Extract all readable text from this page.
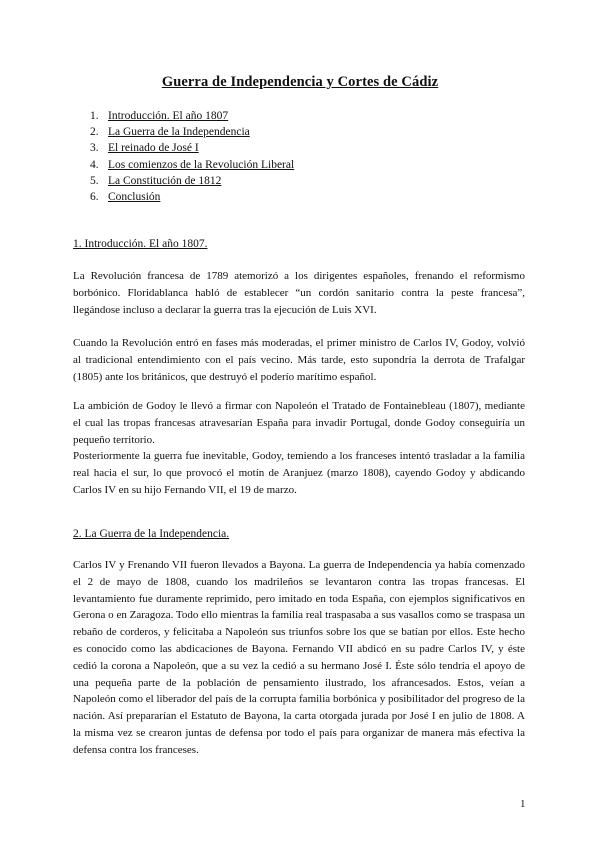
Guerra de Independencia y Cortes de Cádiz
1. Introducción. El año 1807
2. La Guerra de la Independencia
3. El reinado de José I
4. Los comienzos de la Revolución Liberal
5. La Constitución de 1812
6. Conclusión
1. Introducción. El año 1807.

La Revolución francesa de 1789 atemorizó a los dirigentes españoles, frenando el reformismo borbónico. Floridablanca habló de establecer “un cordón sanitario contra la peste francesa”, llegándose incluso a declarar la guerra tras la ejecución de Luis XVI.

Cuando la Revolución entró en fases más moderadas, el primer ministro de Carlos IV, Godoy, volvió al tradicional entendimiento con el país vecino. Más tarde, esto supondría la derrota de Trafalgar (1805) ante los británicos, que destruyó el poderío marítimo español.

La ambición de Godoy le llevó a firmar con Napoleón el Tratado de Fontainebleau (1807), mediante el cual las tropas francesas atravesarían España para invadir Portugal, donde Godoy conseguiría un pequeño territorio.

Posteriormente la guerra fue inevitable, Godoy, temiendo a los franceses intentó trasladar a la familia real hacia el sur, lo que provocó el motín de Aranjuez (marzo 1808), cayendo Godoy y abdicando Carlos IV en su hijo Fernando VII, el 19 de marzo.

2. La Guerra de la Independencia.

Carlos IV y Frenando VII fueron llevados a Bayona. La guerra de Independencia ya había comenzado el 2 de mayo de 1808, cuando los madrileños se levantaron contra las tropas francesas. El levantamiento fue duramente reprimido, pero imitado en toda España, con ejemplos significativos en Gerona o en Zaragoza. Todo ello mientras la familia real traspasaba a sus vasallos como se traspasa un rebaño de corderos, y felicitaba a Napoleón sus triunfos sobre los que se batían por ellos. Este hecho es conocido como las abdicaciones de Bayona. Fernando VII abdicó en su padre Carlos IV, y éste cedió la corona a Napoleón, que a su vez la cedió a su hermano José I. Éste sólo tendría el apoyo de una pequeña parte de la población de pensamiento ilustrado, los afrancesados. Estos, veían a Napoleón como el liberador del país de la corrupta familia borbónica y posibilitador del progreso de la nación. Así prepararían el Estatuto de Bayona, la carta otorgada jurada por José I en julio de 1808. A la misma vez se crearon juntas de defensa por todo el país para organizar de manera más efectiva la defensa contra los franceses.

1
